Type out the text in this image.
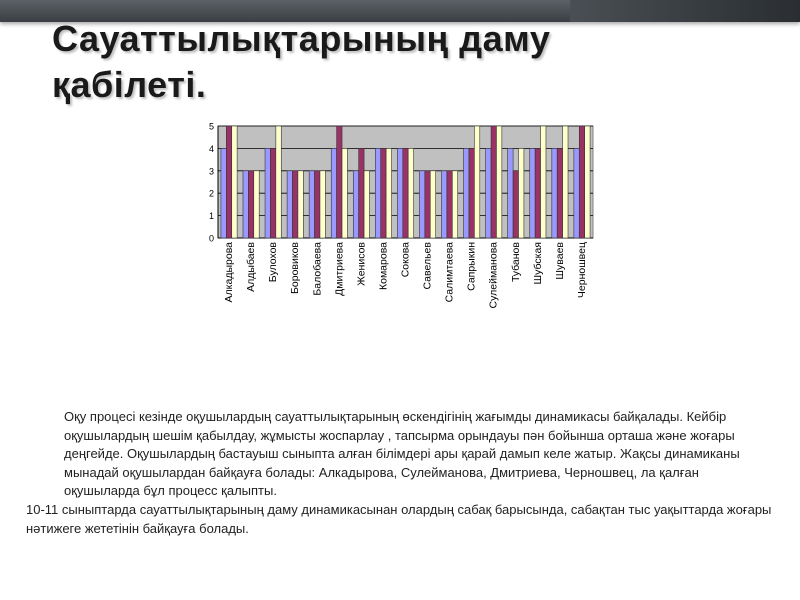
Сауаттылықтарының даму
қабілеті.
0
1
2
3
4
5
Алкадырова Алдыбаев Булохов Боровиков Балобаева Дмитриева Женисов Комарова Сокова Савельев Салимтаева Сапрыкин Сулейманова Тубанов Шубская Шуваев Черношвец

Оқу процесі кезінде оқушылардың сауаттылықтарының өскендігінің жағымды динамикасы байқалады. Кейбір оқушылардың шешім қабылдау, жұмысты жоспарлау , тапсырма орындауы пән бойынша орташа және жоғары деңгейде. Оқушылардың бастауыш сыныпта алған білімдері ары қарай дамып келе жатыр. Жақсы динамиканы мынадай оқушылардан байқауға болады: Алкадырова, Сулейманова, Дмитриева, Черношвец, ла қалған оқушыларда бұл процесс қалыпты.

10-11 сыныптарда сауаттылықтарының даму динамикасынан олардың сабақ барысында, сабақтан тыс уақыттарда жоғары нәтижеге жететінін байқауға болады.
